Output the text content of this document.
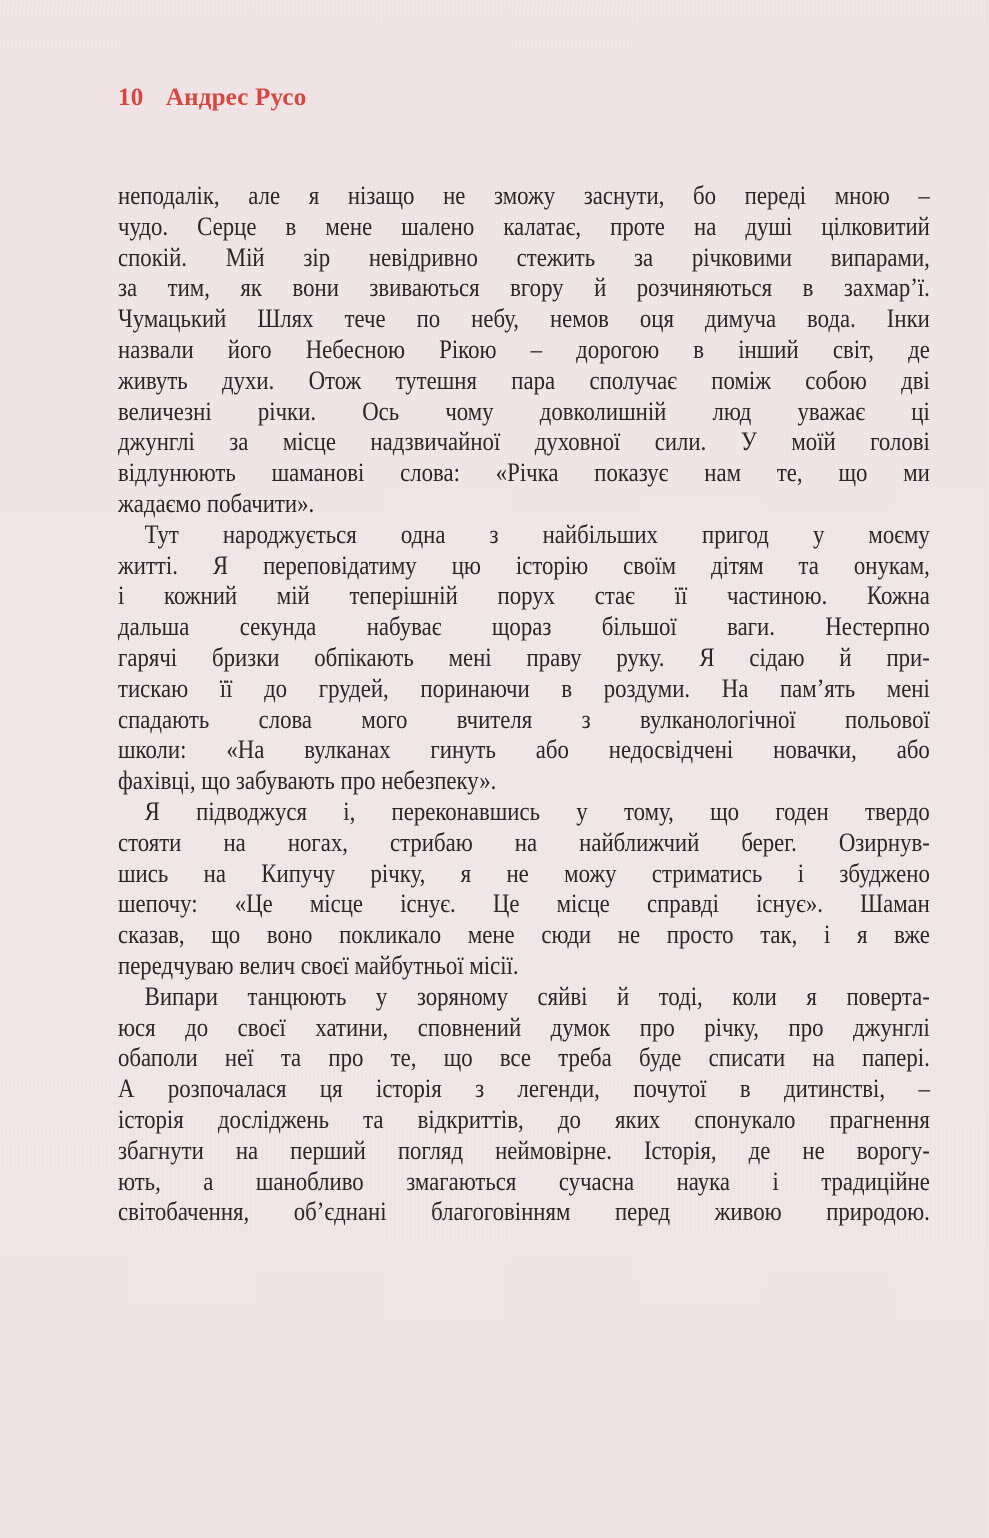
10 Андрес Русо
неподалік, але я нізащо не зможу заснути, бо переді мною –
чудо. Серце в мене шалено калатає, проте на душі цілковитий
спокій. Мій зір невідривно стежить за річковими випарами,
за тим, як вони звиваються вгору й розчиняються в захмар’ї.
Чумацький Шлях тече по небу, немов оця димуча вода. Інки
назвали його Небесною Рікою – дорогою в інший світ, де
живуть духи. Отож тутешня пара сполучає поміж собою дві
величезні річки. Ось чому довколишній люд уважає ці
джунглі за місце надзвичайної духовної сили. У моїй голові
відлунюють шаманові слова: «Річка показує нам те, що ми
жадаємо побачити».
Тут народжується одна з найбільших пригод у моєму
житті. Я переповідатиму цю історію своїм дітям та онукам,
і кожний мій теперішній порух стає її частиною. Кожна
дальша секунда набуває щораз більшої ваги. Нестерпно
гарячі бризки обпікають мені праву руку. Я сідаю й при-
тискаю її до грудей, поринаючи в роздуми. На пам’ять мені
спадають слова мого вчителя з вулканологічної польової
школи: «На вулканах гинуть або недосвідчені новачки, або
фахівці, що забувають про небезпеку».
Я підводжуся і, переконавшись у тому, що годен твердо
стояти на ногах, стрибаю на найближчий берег. Озирнув-
шись на Кипучу річку, я не можу стриматись і збуджено
шепочу: «Це місце існує. Це місце справді існує». Шаман
сказав, що воно покликало мене сюди не просто так, і я вже
передчуваю велич своєї майбутньої місії.
Випари танцюють у зоряному сяйві й тоді, коли я поверта-
юся до своєї хатини, сповнений думок про річку, про джунглі
обаполи неї та про те, що все треба буде списати на папері.
А розпочалася ця історія з легенди, почутої в дитинстві, –
історія досліджень та відкриттів, до яких спонукало прагнення
збагнути на перший погляд неймовірне. Історія, де не ворогу-
ють, а шанобливо змагаються сучасна наука і традиційне
світобачення, об’єднані благоговінням перед живою природою.
